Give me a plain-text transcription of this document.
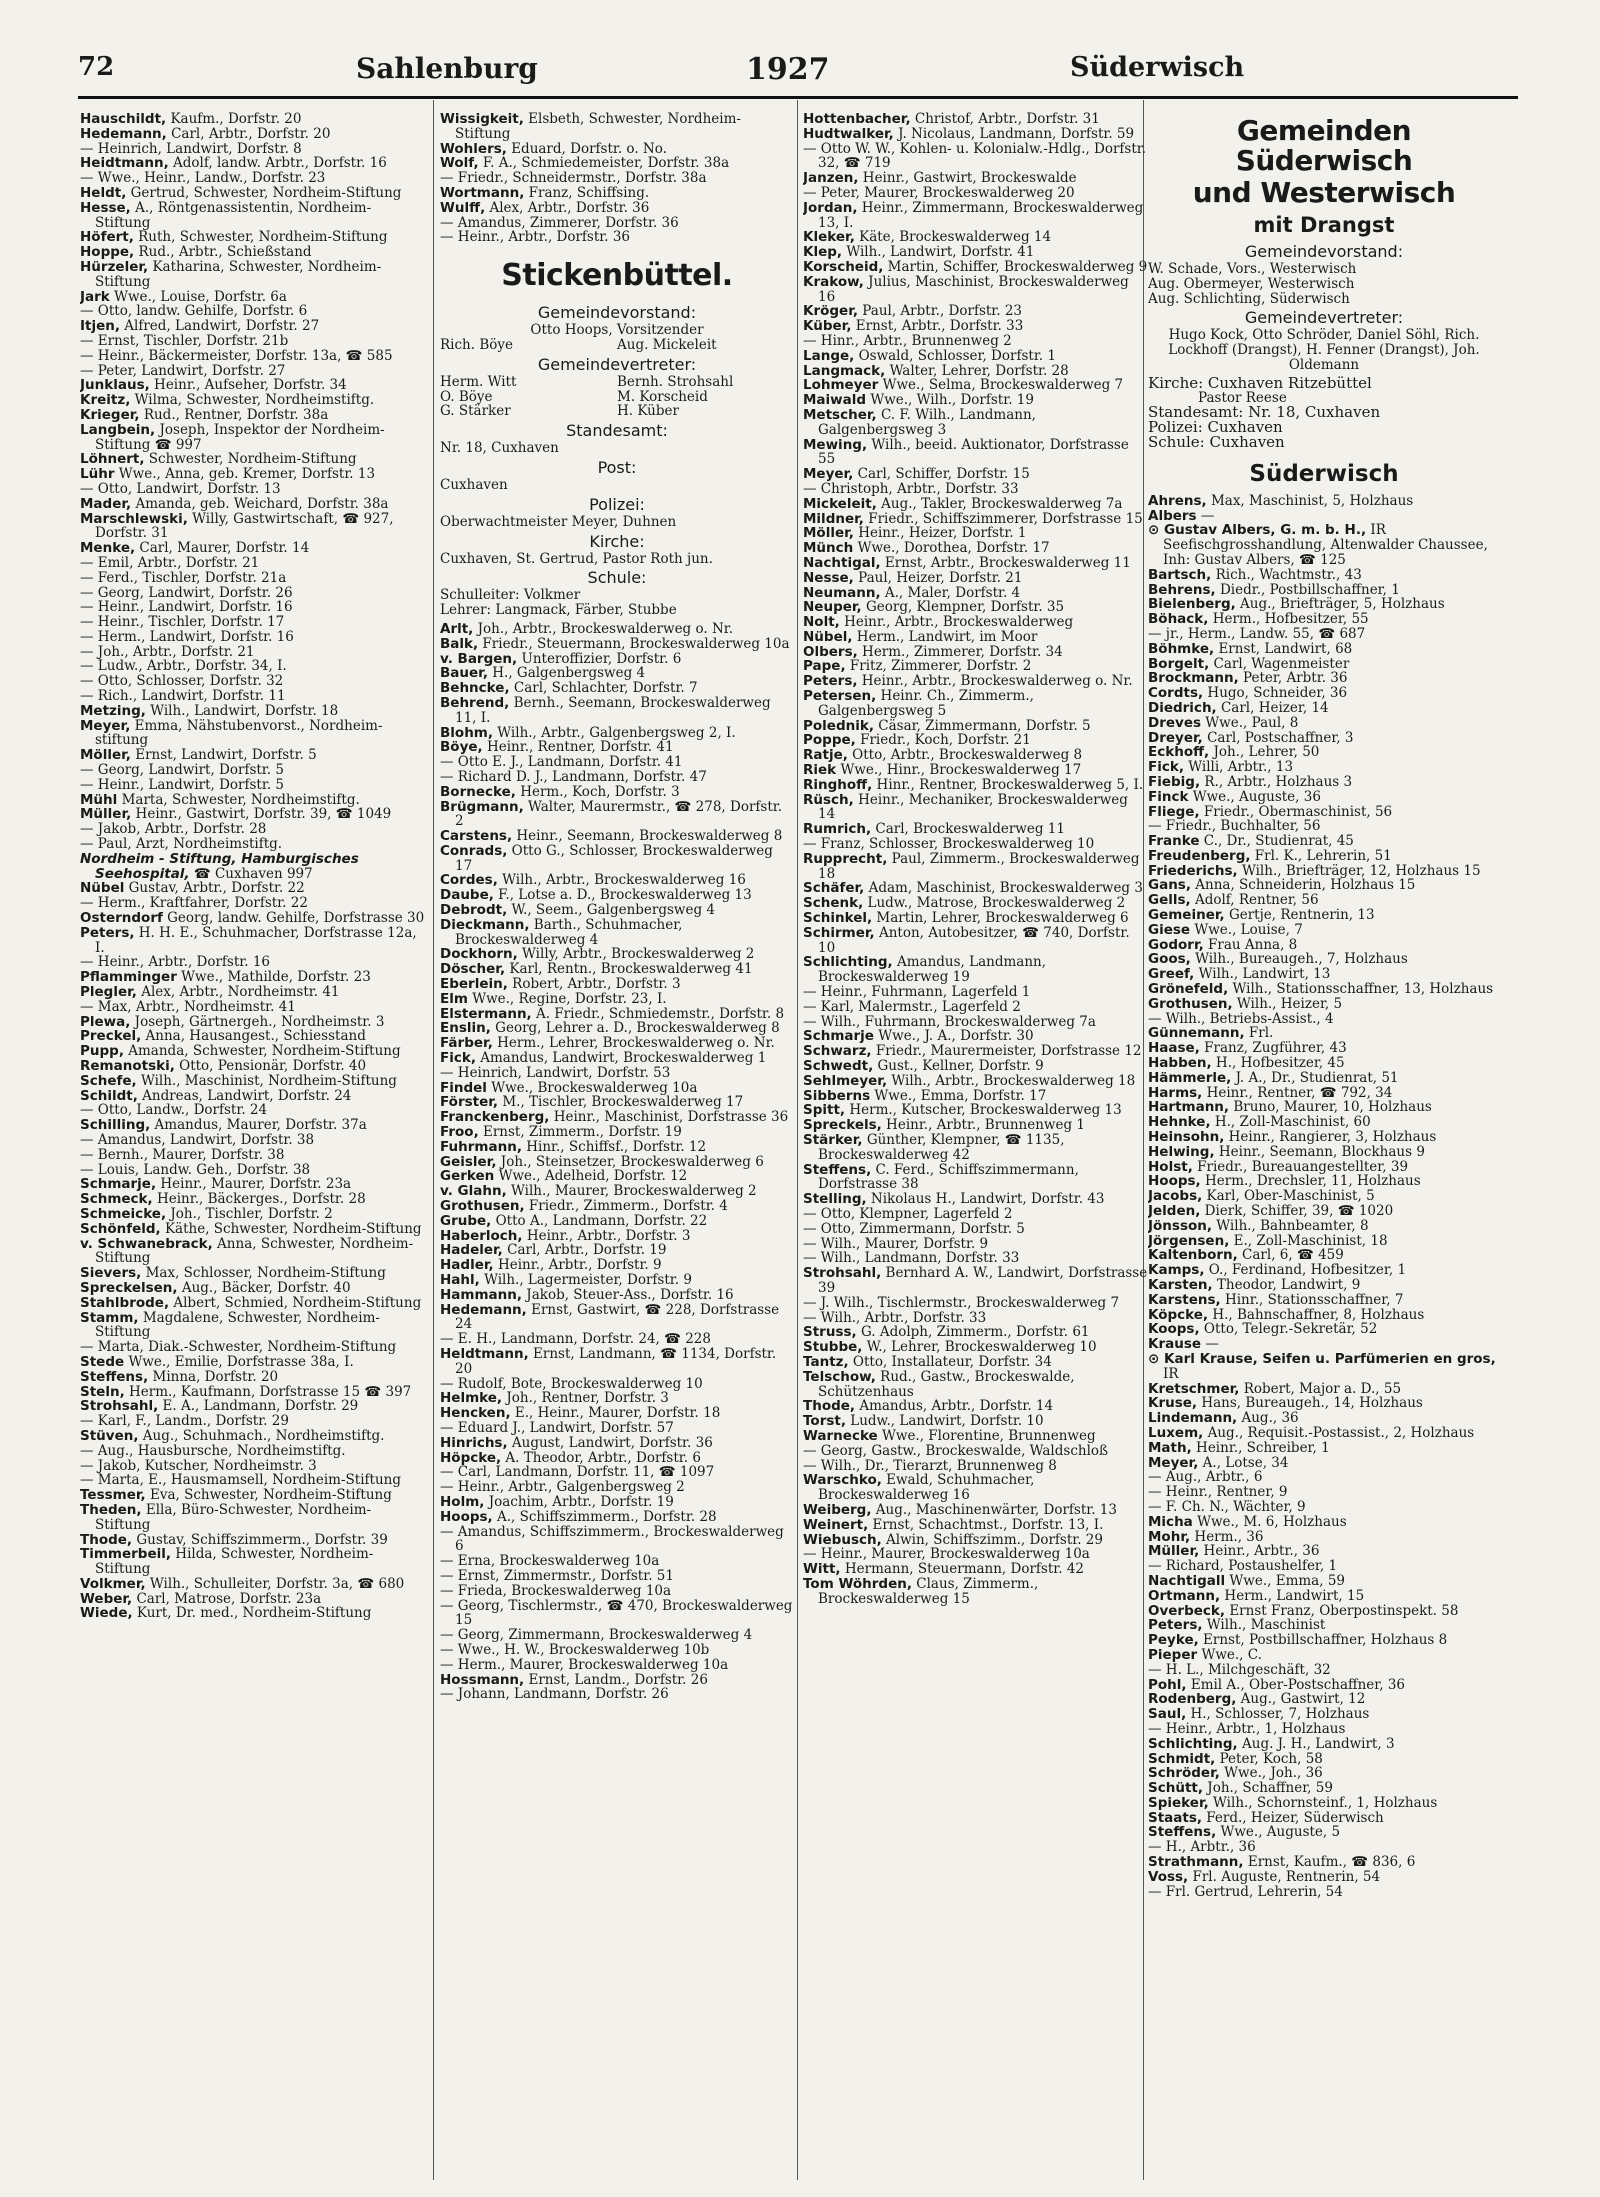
72	Sahlenburg	1927	Süderwisch

Hauschildt, Kaufm., Dorfstr. 20

Hedemann, Carl, Arbtr., Dorfstr. 20

— Heinrich, Landwirt, Dorfstr. 8

Heidtmann, Adolf, landw. Arbtr., Dorfstr. 16

— Wwe., Heinr., Landw., Dorfstr. 23

Heldt, Gertrud, Schwester, Nordheim-Stiftung

Hesse, A., Röntgenassistentin, Nordheim-Stiftung

Höfert, Ruth, Schwester, Nordheim-Stiftung

Hoppe, Rud., Arbtr., Schießstand

Hürzeler, Katharina, Schwester, Nordheim-Stiftung

Jark Wwe., Louise, Dorfstr. 6a

— Otto, landw. Gehilfe, Dorfstr. 6

Itjen, Alfred, Landwirt, Dorfstr. 27

— Ernst, Tischler, Dorfstr. 21b

— Heinr., Bäckermeister, Dorfstr. 13a, ☎ 585

— Peter, Landwirt, Dorfstr. 27

Junklaus, Heinr., Aufseher, Dorfstr. 34

Kreitz, Wilma, Schwester, Nordheimstiftg.

Krieger, Rud., Rentner, Dorfstr. 38a

Langbein, Joseph, Inspektor der Nordheim-Stiftung ☎ 997

Löhnert, Schwester, Nordheim-Stiftung

Lühr Wwe., Anna, geb. Kremer, Dorfstr. 13

— Otto, Landwirt, Dorfstr. 13

Mader, Amanda, geb. Weichard, Dorfstr. 38a

Marschlewski, Willy, Gastwirtschaft, ☎ 927, Dorfstr. 31

Menke, Carl, Maurer, Dorfstr. 14

— Emil, Arbtr., Dorfstr. 21

— Ferd., Tischler, Dorfstr. 21a

— Georg, Landwirt, Dorfstr. 26

— Heinr., Landwirt, Dorfstr. 16

— Heinr., Tischler, Dorfstr. 17

— Herm., Landwirt, Dorfstr. 16

— Joh., Arbtr., Dorfstr. 21

— Ludw., Arbtr., Dorfstr. 34, I.

— Otto, Schlosser, Dorfstr. 32

— Rich., Landwirt, Dorfstr. 11

Metzing, Wilh., Landwirt, Dorfstr. 18

Meyer, Emma, Nähstubenvorst., Nordheim-stiftung

Möller, Ernst, Landwirt, Dorfstr. 5

— Georg, Landwirt, Dorfstr. 5

— Heinr., Landwirt, Dorfstr. 5

Mühl Marta, Schwester, Nordheimstiftg.

Müller, Heinr., Gastwirt, Dorfstr. 39, ☎ 1049

— Jakob, Arbtr., Dorfstr. 28

— Paul, Arzt, Nordheimstiftg.

Nordheim - Stiftung, Hamburgisches Seehospital, ☎ Cuxhaven 997

Nübel Gustav, Arbtr., Dorfstr. 22

— Herm., Kraftfahrer, Dorfstr. 22

Osterndorf Georg, landw. Gehilfe, Dorfstrasse 30

Peters, H. H. E., Schuhmacher, Dorfstrasse 12a, I.

— Heinr., Arbtr., Dorfstr. 16

Pflamminger Wwe., Mathilde, Dorfstr. 23

Plegler, Alex, Arbtr., Nordheimstr. 41

— Max, Arbtr., Nordheimstr. 41

Plewa, Joseph, Gärtnergeh., Nordheimstr. 3

Preckel, Anna, Hausangest., Schiesstand

Pupp, Amanda, Schwester, Nordheim-Stiftung

Remanotski, Otto, Pensionär, Dorfstr. 40

Schefe, Wilh., Maschinist, Nordheim-Stiftung

Schildt, Andreas, Landwirt, Dorfstr. 24

— Otto, Landw., Dorfstr. 24

Schilling, Amandus, Maurer, Dorfstr. 37a

— Amandus, Landwirt, Dorfstr. 38

— Bernh., Maurer, Dorfstr. 38

— Louis, Landw. Geh., Dorfstr. 38

Schmarje, Heinr., Maurer, Dorfstr. 23a

Schmeck, Heinr., Bäckerges., Dorfstr. 28

Schmeicke, Joh., Tischler, Dorfstr. 2

Schönfeld, Käthe, Schwester, Nordheim-Stiftung

v. Schwanebrack, Anna, Schwester, Nordheim-Stiftung

Sievers, Max, Schlosser, Nordheim-Stiftung

Spreckelsen, Aug., Bäcker, Dorfstr. 40

Stahlbrode, Albert, Schmied, Nordheim-Stiftung

Stamm, Magdalene, Schwester, Nordheim-Stiftung

— Marta, Diak.-Schwester, Nordheim-Stiftung

Stede Wwe., Emilie, Dorfstrasse 38a, I.

Steffens, Minna, Dorfstr. 20

Steln, Herm., Kaufmann, Dorfstrasse 15 ☎ 397

Strohsahl, E. A., Landmann, Dorfstr. 29

— Karl, F., Landm., Dorfstr. 29

Stüven, Aug., Schuhmach., Nordheimstiftg.

— Aug., Hausbursche, Nordheimstiftg.

— Jakob, Kutscher, Nordheimstr. 3

— Marta, E., Hausmamsell, Nordheim-Stiftung

Tessmer, Eva, Schwester, Nordheim-Stiftung

Theden, Ella, Büro-Schwester, Nordheim-Stiftung

Thode, Gustav, Schiffszimmerm., Dorfstr. 39

Timmerbeil, Hilda, Schwester, Nordheim-Stiftung

Volkmer, Wilh., Schulleiter, Dorfstr. 3a, ☎ 680

Weber, Carl, Matrose, Dorfstr. 23a

Wiede, Kurt, Dr. med., Nordheim-Stiftung

Wissigkeit, Elsbeth, Schwester, Nordheim-Stiftung

Wohlers, Eduard, Dorfstr. o. No.

Wolf, F. A., Schmiedemeister, Dorfstr. 38a

— Friedr., Schneidermstr., Dorfstr. 38a

Wortmann, Franz, Schiffsing.

Wulff, Alex, Arbtr., Dorfstr. 36

— Amandus, Zimmerer, Dorfstr. 36

— Heinr., Arbtr., Dorfstr. 36

Stickenbüttel.

Gemeindevorstand:

Otto Hoops, Vorsitzender

Rich. Böye	Aug. Mickeleit

Gemeindevertreter:

Herm. Witt	Bernh. Strohsahl

O. Böye	M. Korscheid

G. Stärker	H. Küber

Standesamt:

Nr. 18, Cuxhaven

Post:

Cuxhaven

Polizei:

Oberwachtmeister Meyer, Duhnen

Kirche:

Cuxhaven, St. Gertrud, Pastor Roth jun.

Schule:

Schulleiter: Volkmer

Lehrer: Langmack, Färber, Stubbe

Arlt, Joh., Arbtr., Brockeswalderweg o. Nr.

Balk, Friedr., Steuermann, Brockeswalderweg 10a

v. Bargen, Unteroffizier, Dorfstr. 6

Bauer, H., Galgenbergsweg 4

Behncke, Carl, Schlachter, Dorfstr. 7

Behrend, Bernh., Seemann, Brockeswalderweg 11, I.

Blohm, Wilh., Arbtr., Galgenbergsweg 2, I.

Böye, Heinr., Rentner, Dorfstr. 41

— Otto E. J., Landmann, Dorfstr. 41

— Richard D. J., Landmann, Dorfstr. 47

Bornecke, Herm., Koch, Dorfstr. 3

Brügmann, Walter, Maurermstr., ☎ 278, Dorfstr. 2

Carstens, Heinr., Seemann, Brockeswalderweg 8

Conrads, Otto G., Schlosser, Brockeswalderweg 17

Cordes, Wilh., Arbtr., Brockeswalderweg 16

Daube, F., Lotse a. D., Brockeswalderweg 13

Debrodt, W., Seem., Galgenbergsweg 4

Dieckmann, Barth., Schuhmacher, Brockeswalderweg 4

Dockhorn, Willy, Arbtr., Brockeswalderweg 2

Döscher, Karl, Rentn., Brockeswalderweg 41

Eberlein, Robert, Arbtr., Dorfstr. 3

Elm Wwe., Regine, Dorfstr. 23, I.

Elstermann, A. Friedr., Schmiedemstr., Dorfstr. 8

Enslin, Georg, Lehrer a. D., Brockeswalderweg 8

Färber, Herm., Lehrer, Brockeswalderweg o. Nr.

Fick, Amandus, Landwirt, Brockeswalderweg 1

— Heinrich, Landwirt, Dorfstr. 53

Findel Wwe., Brockeswalderweg 10a

Förster, M., Tischler, Brockeswalderweg 17

Franckenberg, Heinr., Maschinist, Dorfstrasse 36

Froo, Ernst, Zimmerm., Dorfstr. 19

Fuhrmann, Hinr., Schiffsf., Dorfstr. 12

Geisler, Joh., Steinsetzer, Brockeswalderweg 6

Gerken Wwe., Adelheid, Dorfstr. 12

v. Glahn, Wilh., Maurer, Brockeswalderweg 2

Grothusen, Friedr., Zimmerm., Dorfstr. 4

Grube, Otto A., Landmann, Dorfstr. 22

Haberloch, Heinr., Arbtr., Dorfstr. 3

Hadeler, Carl, Arbtr., Dorfstr. 19

Hadler, Heinr., Arbtr., Dorfstr. 9

Hahl, Wilh., Lagermeister, Dorfstr. 9

Hammann, Jakob, Steuer-Ass., Dorfstr. 16

Hedemann, Ernst, Gastwirt, ☎ 228, Dorfstrasse 24

— E. H., Landmann, Dorfstr. 24, ☎ 228

Heldtmann, Ernst, Landmann, ☎ 1134, Dorfstr. 20

— Rudolf, Bote, Brockeswalderweg 10

Helmke, Joh., Rentner, Dorfstr. 3

Hencken, E., Heinr., Maurer, Dorfstr. 18

— Eduard J., Landwirt, Dorfstr. 57

Hinrichs, August, Landwirt, Dorfstr. 36

Höpcke, A. Theodor, Arbtr., Dorfstr. 6

— Carl, Landmann, Dorfstr. 11, ☎ 1097

— Heinr., Arbtr., Galgenbergsweg 2

Holm, Joachim, Arbtr., Dorfstr. 19

Hoops, A., Schiffszimmerm., Dorfstr. 28

— Amandus, Schiffszimmerm., Brockeswalderweg 6

— Erna, Brockeswalderweg 10a

— Ernst, Zimmermstr., Dorfstr. 51

— Frieda, Brockeswalderweg 10a

— Georg, Tischlermstr., ☎ 470, Brockeswalderweg 15

— Georg, Zimmermann, Brockeswalderweg 4

— Wwe., H. W., Brockeswalderweg 10b

— Herm., Maurer, Brockeswalderweg 10a

Hossmann, Ernst, Landm., Dorfstr. 26

— Johann, Landmann, Dorfstr. 26

Hottenbacher, Christof, Arbtr., Dorfstr. 31

Hudtwalker, J. Nicolaus, Landmann, Dorfstr. 59

— Otto W. W., Kohlen- u. Kolonialw.-Hdlg., Dorfstr. 32, ☎ 719

Janzen, Heinr., Gastwirt, Brockeswalde

— Peter, Maurer, Brockeswalderweg 20

Jordan, Heinr., Zimmermann, Brockeswalderweg 13, I.

Kleker, Käte, Brockeswalderweg 14

Klep, Wilh., Landwirt, Dorfstr. 41

Korscheid, Martin, Schiffer, Brockeswalderweg 9

Krakow, Julius, Maschinist, Brockeswalderweg 16

Kröger, Paul, Arbtr., Dorfstr. 23

Küber, Ernst, Arbtr., Dorfstr. 33

— Hinr., Arbtr., Brunnenweg 2

Lange, Oswald, Schlosser, Dorfstr. 1

Langmack, Walter, Lehrer, Dorfstr. 28

Lohmeyer Wwe., Selma, Brockeswalderweg 7

Maiwald Wwe., Wilh., Dorfstr. 19

Metscher, C. F. Wilh., Landmann, Galgenbergsweg 3

Mewing, Wilh., beeid. Auktionator, Dorfstrasse 55

Meyer, Carl, Schiffer, Dorfstr. 15

— Christoph, Arbtr., Dorfstr. 33

Mickeleit, Aug., Takler, Brockeswalderweg 7a

Mildner, Friedr., Schiffszimmerer, Dorfstrasse 15

Möller, Heinr., Heizer, Dorfstr. 1

Münch Wwe., Dorothea, Dorfstr. 17

Nachtigal, Ernst, Arbtr., Brockeswalderweg 11

Nesse, Paul, Heizer, Dorfstr. 21

Neumann, A., Maler, Dorfstr. 4

Neuper, Georg, Klempner, Dorfstr. 35

Nolt, Heinr., Arbtr., Brockeswalderweg

Nübel, Herm., Landwirt, im Moor

Olbers, Herm., Zimmerer, Dorfstr. 34

Pape, Fritz, Zimmerer, Dorfstr. 2

Peters, Heinr., Arbtr., Brockeswalderweg o. Nr.

Petersen, Heinr. Ch., Zimmerm., Galgenbergsweg 5

Polednik, Cäsar, Zimmermann, Dorfstr. 5

Poppe, Friedr., Koch, Dorfstr. 21

Ratje, Otto, Arbtr., Brockeswalderweg 8

Riek Wwe., Hinr., Brockeswalderweg 17

Ringhoff, Hinr., Rentner, Brockeswalderweg 5, I.

Rüsch, Heinr., Mechaniker, Brockeswalderweg 14

Rumrich, Carl, Brockeswalderweg 11

— Franz, Schlosser, Brockeswalderweg 10

Rupprecht, Paul, Zimmerm., Brockeswalderweg 18

Schäfer, Adam, Maschinist, Brockeswalderweg 3

Schenk, Ludw., Matrose, Brockeswalderweg 2

Schinkel, Martin, Lehrer, Brockeswalderweg 6

Schirmer, Anton, Autobesitzer, ☎ 740, Dorfstr. 10

Schlichting, Amandus, Landmann, Brockeswalderweg 19

— Heinr., Fuhrmann, Lagerfeld 1

— Karl, Malermstr., Lagerfeld 2

— Wilh., Fuhrmann, Brockeswalderweg 7a

Schmarje Wwe., J. A., Dorfstr. 30

Schwarz, Friedr., Maurermeister, Dorfstrasse 12

Schwedt, Gust., Kellner, Dorfstr. 9

Sehlmeyer, Wilh., Arbtr., Brockeswalderweg 18

Sibberns Wwe., Emma, Dorfstr. 17

Spitt, Herm., Kutscher, Brockeswalderweg 13

Spreckels, Heinr., Arbtr., Brunnenweg 1

Stärker, Günther, Klempner, ☎ 1135, Brockeswalderweg 42

Steffens, C. Ferd., Schiffszimmermann, Dorfstrasse 38

Stelling, Nikolaus H., Landwirt, Dorfstr. 43

— Otto, Klempner, Lagerfeld 2

— Otto, Zimmermann, Dorfstr. 5

— Wilh., Maurer, Dorfstr. 9

— Wilh., Landmann, Dorfstr. 33

Strohsahl, Bernhard A. W., Landwirt, Dorfstrasse 39

— J. Wilh., Tischlermstr., Brockeswalderweg 7

— Wilh., Arbtr., Dorfstr. 33

Struss, G. Adolph, Zimmerm., Dorfstr. 61

Stubbe, W., Lehrer, Brockeswalderweg 10

Tantz, Otto, Installateur, Dorfstr. 34

Telschow, Rud., Gastw., Brockeswalde, Schützenhaus

Thode, Amandus, Arbtr., Dorfstr. 14

Torst, Ludw., Landwirt, Dorfstr. 10

Warnecke Wwe., Florentine, Brunnenweg

— Georg, Gastw., Brockeswalde, Waldschloß

— Wilh., Dr., Tierarzt, Brunnenweg 8

Warschko, Ewald, Schuhmacher, Brockeswalderweg 16

Weiberg, Aug., Maschinenwärter, Dorfstr. 13

Weinert, Ernst, Schachtmst., Dorfstr. 13, I.

Wiebusch, Alwin, Schiffszimm., Dorfstr. 29

— Heinr., Maurer, Brockeswalderweg 10a

Witt, Hermann, Steuermann, Dorfstr. 42

Tom Wöhrden, Claus, Zimmerm., Brockeswalderweg 15

Gemeinden Süderwisch
und Westerwisch
mit Drangst

Gemeindevorstand:

W. Schade, Vors., Westerwisch

Aug. Obermeyer, Westerwisch

Aug. Schlichting, Süderwisch

Gemeindevertreter:

Hugo Kock, Otto Schröder, Daniel Söhl, Rich. Lockhoff (Drangst), H. Fenner (Drangst), Joh. Oldemann

Kirche: Cuxhaven Ritzebüttel

Pastor Reese

Standesamt: Nr. 18, Cuxhaven

Polizei: Cuxhaven

Schule: Cuxhaven

Süderwisch

Ahrens, Max, Maschinist, 5, Holzhaus

Albers —

⊙ Gustav Albers, G. m. b. H., IR Seefischgrosshandlung, Altenwalder Chaussee, Inh: Gustav Albers, ☎ 125

Bartsch, Rich., Wachtmstr., 43

Behrens, Diedr., Postbillschaffner, 1

Bielenberg, Aug., Briefträger, 5, Holzhaus

Böhack, Herm., Hofbesitzer, 55

— jr., Herm., Landw. 55, ☎ 687

Böhmke, Ernst, Landwirt, 68

Borgelt, Carl, Wagenmeister

Brockmann, Peter, Arbtr. 36

Cordts, Hugo, Schneider, 36

Diedrich, Carl, Heizer, 14

Dreves Wwe., Paul, 8

Dreyer, Carl, Postschaffner, 3

Eckhoff, Joh., Lehrer, 50

Fick, Willi, Arbtr., 13

Fiebig, R., Arbtr., Holzhaus 3

Finck Wwe., Auguste, 36

Fliege, Friedr., Obermaschinist, 56

— Friedr., Buchhalter, 56

Franke C., Dr., Studienrat, 45

Freudenberg, Frl. K., Lehrerin, 51

Friederichs, Wilh., Briefträger, 12, Holzhaus 15

Gans, Anna, Schneiderin, Holzhaus 15

Gells, Adolf, Rentner, 56

Gemeiner, Gertje, Rentnerin, 13

Giese Wwe., Louise, 7

Godorr, Frau Anna, 8

Goos, Wilh., Bureaugeh., 7, Holzhaus

Greef, Wilh., Landwirt, 13

Grönefeld, Wilh., Stationsschaffner, 13, Holzhaus

Grothusen, Wilh., Heizer, 5

— Wilh., Betriebs-Assist., 4

Günnemann, Frl.

Haase, Franz, Zugführer, 43

Habben, H., Hofbesitzer, 45

Hämmerle, J. A., Dr., Studienrat, 51

Harms, Heinr., Rentner, ☎ 792, 34

Hartmann, Bruno, Maurer, 10, Holzhaus

Hehnke, H., Zoll-Maschinist, 60

Heinsohn, Heinr., Rangierer, 3, Holzhaus

Helwing, Heinr., Seemann, Blockhaus 9

Holst, Friedr., Bureauangestellter, 39

Hoops, Herm., Drechsler, 11, Holzhaus

Jacobs, Karl, Ober-Maschinist, 5

Jelden, Dierk, Schiffer, 39, ☎ 1020

Jönsson, Wilh., Bahnbeamter, 8

Jörgensen, E., Zoll-Maschinist, 18

Kaltenborn, Carl, 6, ☎ 459

Kamps, O., Ferdinand, Hofbesitzer, 1

Karsten, Theodor, Landwirt, 9

Karstens, Hinr., Stationsschaffner, 7

Köpcke, H., Bahnschaffner, 8, Holzhaus

Koops, Otto, Telegr.-Sekretär, 52

Krause —

⊙ Karl Krause, Seifen u. Parfümerien en gros, IR

Kretschmer, Robert, Major a. D., 55

Kruse, Hans, Bureaugeh., 14, Holzhaus

Lindemann, Aug., 36

Luxem, Aug., Requisit.-Postassist., 2, Holzhaus

Math, Heinr., Schreiber, 1

Meyer, A., Lotse, 34

— Aug., Arbtr., 6

— Heinr., Rentner, 9

— F. Ch. N., Wächter, 9

Micha Wwe., M. 6, Holzhaus

Mohr, Herm., 36

Müller, Heinr., Arbtr., 36

— Richard, Postaushelfer, 1

Nachtigall Wwe., Emma, 59

Ortmann, Herm., Landwirt, 15

Overbeck, Ernst Franz, Oberpostinspekt. 58

Peters, Wilh., Maschinist

Peyke, Ernst, Postbillschaffner, Holzhaus 8

Pieper Wwe., C.

— H. L., Milchgeschäft, 32

Pohl, Emil A., Ober-Postschaffner, 36

Rodenberg, Aug., Gastwirt, 12

Saul, H., Schlosser, 7, Holzhaus

— Heinr., Arbtr., 1, Holzhaus

Schlichting, Aug. J. H., Landwirt, 3

Schmidt, Peter, Koch, 58

Schröder, Wwe., Joh., 36

Schütt, Joh., Schaffner, 59

Spieker, Wilh., Schornsteinf., 1, Holzhaus

Staats, Ferd., Heizer, Süderwisch

Steffens, Wwe., Auguste, 5

— H., Arbtr., 36

Strathmann, Ernst, Kaufm., ☎ 836, 6

Voss, Frl. Auguste, Rentnerin, 54

— Frl. Gertrud, Lehrerin, 54
